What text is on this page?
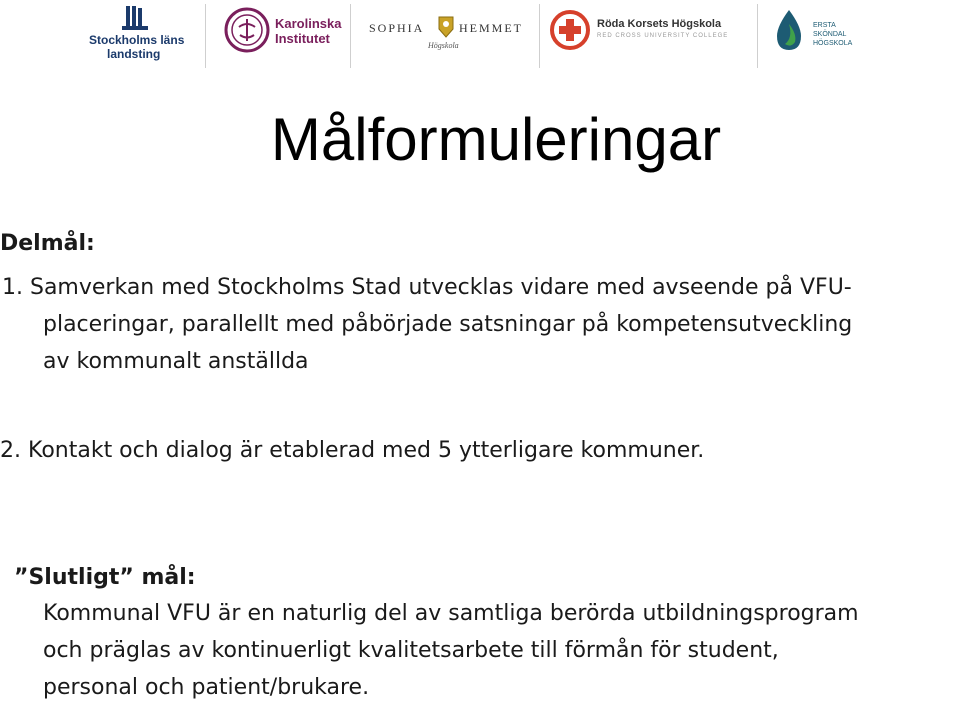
Stockholms läns
landsting
Karolinska
Institutet
SOPHIA	HEMMET
Högskola
Röda Korsets Högskola
RED CROSS UNIVERSITY COLLEGE
ERSTA
SKÖNDAL
HÖGSKOLA
Målformuleringar
Delmål:
1. Samverkan med Stockholms Stad utvecklas vidare med avseende på VFU-
placeringar, parallellt med påbörjade satsningar på kompetensutveckling
av kommunalt anställda
2. Kontakt och dialog är etablerad med 5 ytterligare kommuner.
”Slutligt” mål:
Kommunal VFU är en naturlig del av samtliga berörda utbildningsprogram
och präglas av kontinuerligt kvalitetsarbete till förmån för student,
personal och patient/brukare.
